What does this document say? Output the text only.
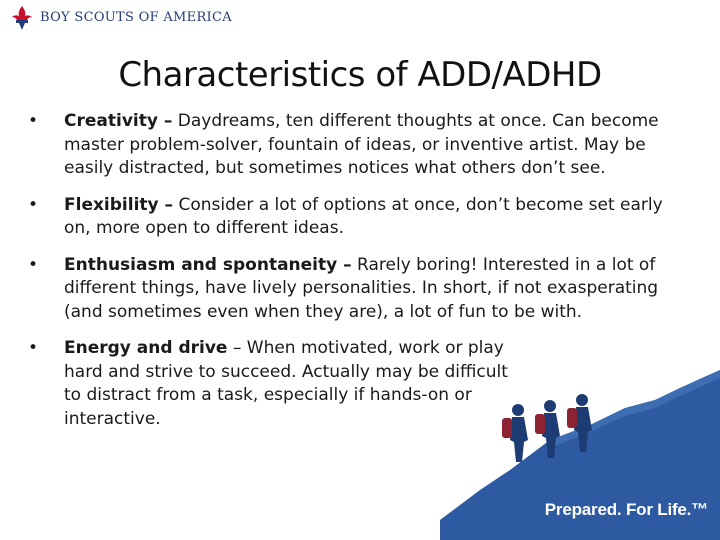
BOY SCOUTS OF AMERICA
Characteristics of ADD/ADHD
• Creativity – Daydreams, ten different thoughts at once. Can become master problem-solver, fountain of ideas, or inventive artist. May be easily distracted, but sometimes notices what others don’t see.
• Flexibility – Consider a lot of options at once, don’t become set early on, more open to different ideas.
• Enthusiasm and spontaneity – Rarely boring! Interested in a lot of different things, have lively personalities. In short, if not exasperating (and sometimes even when they are), a lot of fun to be with.
• Energy and drive – When motivated, work or play hard and strive to succeed. Actually may be difficult to distract from a task, especially if hands-on or interactive.
Prepared. For Life.™
